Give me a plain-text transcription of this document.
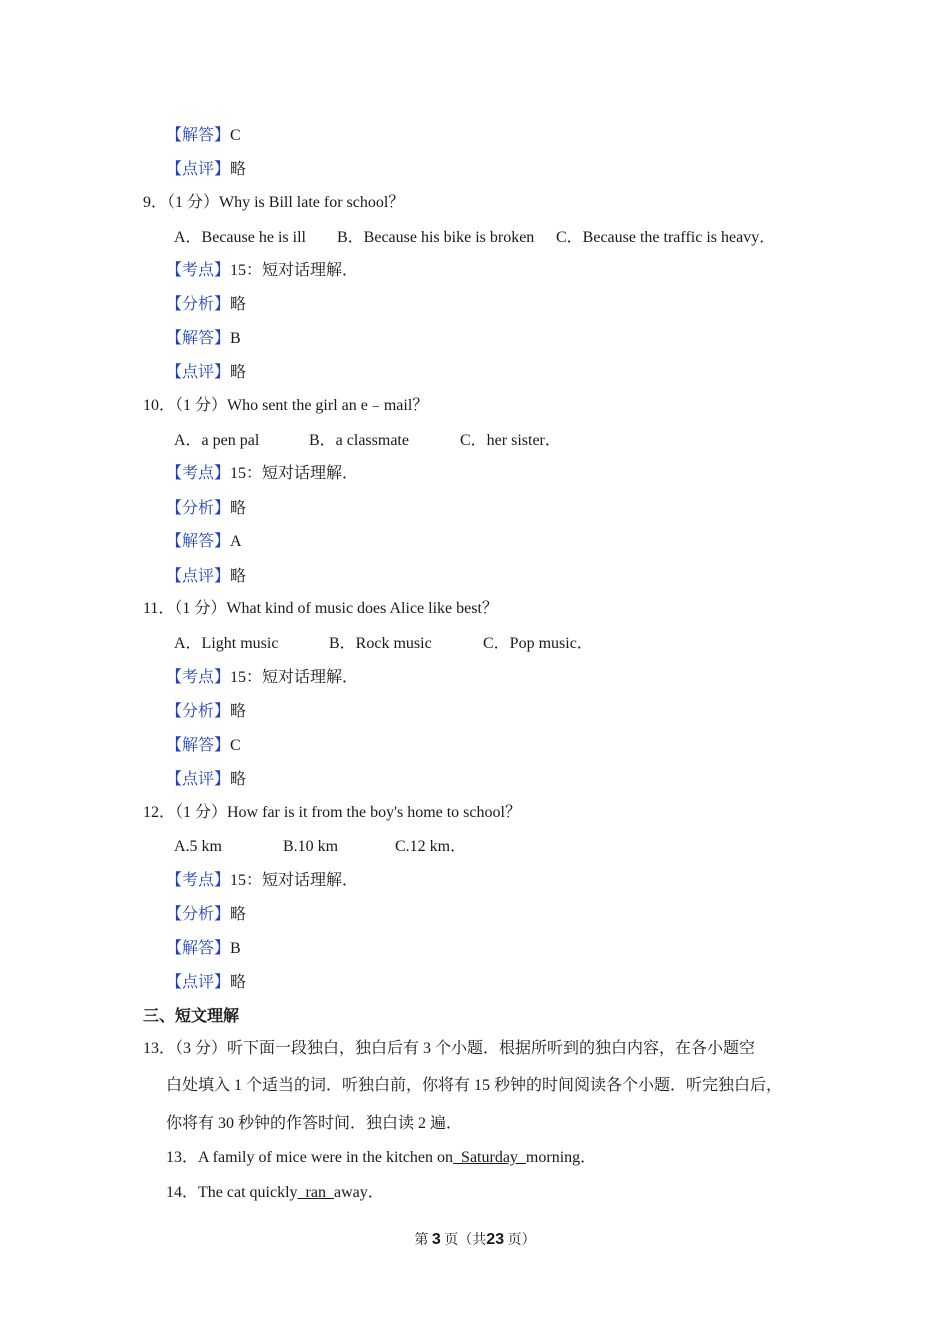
【解答】C
【点评】略
9．（1 分）Why is Bill late for school？
A．Because he is ill B．Because his bike is broken C．Because the traffic is heavy．
【考点】15：短对话理解．
【分析】略
【解答】B
【点评】略
10．（1 分）Who sent the girl an e﹣mail？
A．a pen pal	B．a classmate	C．her sister．
【考点】15：短对话理解．
【分析】略
【解答】A
【点评】略
11．（1 分）What kind of music does Alice like best？
A．Light music	B．Rock music	C．Pop music．
【考点】15：短对话理解．
【分析】略
【解答】C
【点评】略
12．（1 分）How far is it from the boy's home to school？
A.5 km	B.10 km	C.12 km．
【考点】15：短对话理解．
【分析】略
【解答】B
【点评】略
三、短文理解
13．（3 分）听下面一段独白，独白后有 3 个小题．根据所听到的独白内容，在各小题空
白处填入 1 个适当的词．听独白前，你将有 15 秒钟的时间阅读各个小题．听完独白后，
你将有 30 秒钟的作答时间．独白读 2 遍．
13．A family of mice were in the kitchen on  Saturday  morning．
14．The cat quickly  ran  away．
第 3 页（共23 页）
